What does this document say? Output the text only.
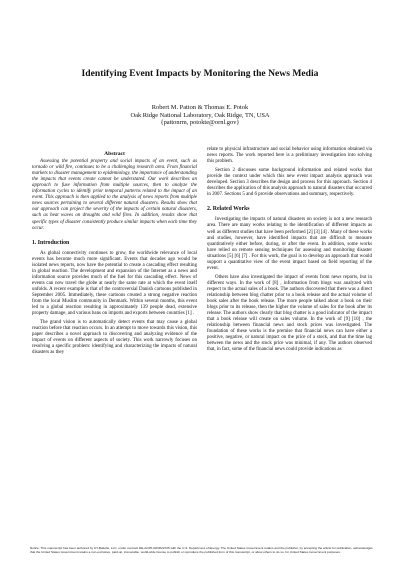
Identifying Event Impacts by Monitoring the News Media
Robert M. Patton & Thomas E. Potok
Oak Ridge National Laboratory, Oak Ridge, TN, USA
{pattonrm, potokte@ornl.gov}
Abstract

Assessing the potential property and social impacts of an event, such as tornado or wild fire, continues to be a challenging research area. From financial markets to disaster management to epidemiology, the importance of understanding the impacts that events create cannot be understated. Our work describes an approach to fuse information from multiple sources, then to analyze the information cycles to identify prior temporal patterns related to the impact of an event. This approach is then applied to the analysis of news reports from multiple news sources pertaining to several different natural disasters. Results show that our approach can project the severity of the impacts of certain natural disasters, such as heat waves on droughts and wild fires. In addition, results show that specific types of disaster consistently produce similar impacts when each time they occur.

1. Introduction

As global connectivity continues to grow, the worldwide relevance of local events has become much more significant. Events that decades ago would be isolated news reports, now have the potential to create a cascading effect resulting in global reaction. The development and expansion of the Internet as a news and information source provides much of the fuel for this cascading effect. News of events can now travel the globe at nearly the same rate at which the event itself unfolds. A recent example is that of the controversial Danish cartoons published in September 2005. Immediately, these cartoons created a strong negative reaction from the local Muslim community in Denmark. Within several months, this event led to a global reaction resulting in approximately 139 people dead, extensive property damage, and various bans on imports and exports between countries [1] .

The grand vision is to automatically detect events that may cause a global reaction before that reaction occurs. In an attempt to move towards this vision, this paper describes a novel approach to discovering and analyzing evidence of the impact of events on different aspects of society. This work narrowly focuses on resolving a specific problem: identifying and characterizing the impacts of natural disasters as they

relate to physical infrastructure and social behavior using information obtained via news reports. The work reported here is a preliminary investigation into solving this problem.

Section 2 discusses some background information and related works that provide the context under which this new event impact analysis approach was developed. Section 3 describes the design and process for this approach. Section 4 describes the application of this analysis approach to natural disasters that occurred in 2007. Sections 5 and 6 provide observations and summary, respectively.

2. Related Works

Investigating the impacts of natural disasters on society is not a new research area. There are many works relating to the identification of different impacts as well as different studies that have been performed [2] [3] [4] . Many of these works and studies, however, have identified impacts that are difficult to measure quantitatively either before, during, or after the event. In addition, some works have relied on remote sensing techniques for assessing and monitoring disaster situations [5] [6] [7] . For this work, the goal is to develop an approach that would support a quantitative view of the event impact based on field reporting of the event.

Others have also investigated the impact of events from news reports, but in different ways. In the work of [8] , information from blogs was analyzed with respect to the actual sales of a book. The authors discovered that there was a direct relationship between blog chatter prior to a book release and the actual volume of book sales after the book release. The more people talked about a book on their blogs prior to its release, then the higher the volume of sales for the book after its release. The authors show clearly that blog chatter is a good indicator of the impact that a book release will create on sales volume. In the work of [9] [10] , the relationship between financial news and stock prices was investigated. The foundation of these works is the premise that financial news can have either a positive, negative, or natural impact on the price of a stock, and that the time lag between the news and the stock price was minimal, if any. The authors observed that, in fact, some of the financial news could provide indications as

Notice: This manuscript has been authored by UT-Battelle, LLC, under contract DE-AC05-00OR22725 with the U.S. Department of Energy. The United States Government retains and the publisher, by accepting the article for publication, acknowledges that the United States Government retains a non-exclusive, paid-up, irrevocable, world-wide license to publish or reproduce the published form of this manuscript, or allow others to do so, for United States Government purposes.
